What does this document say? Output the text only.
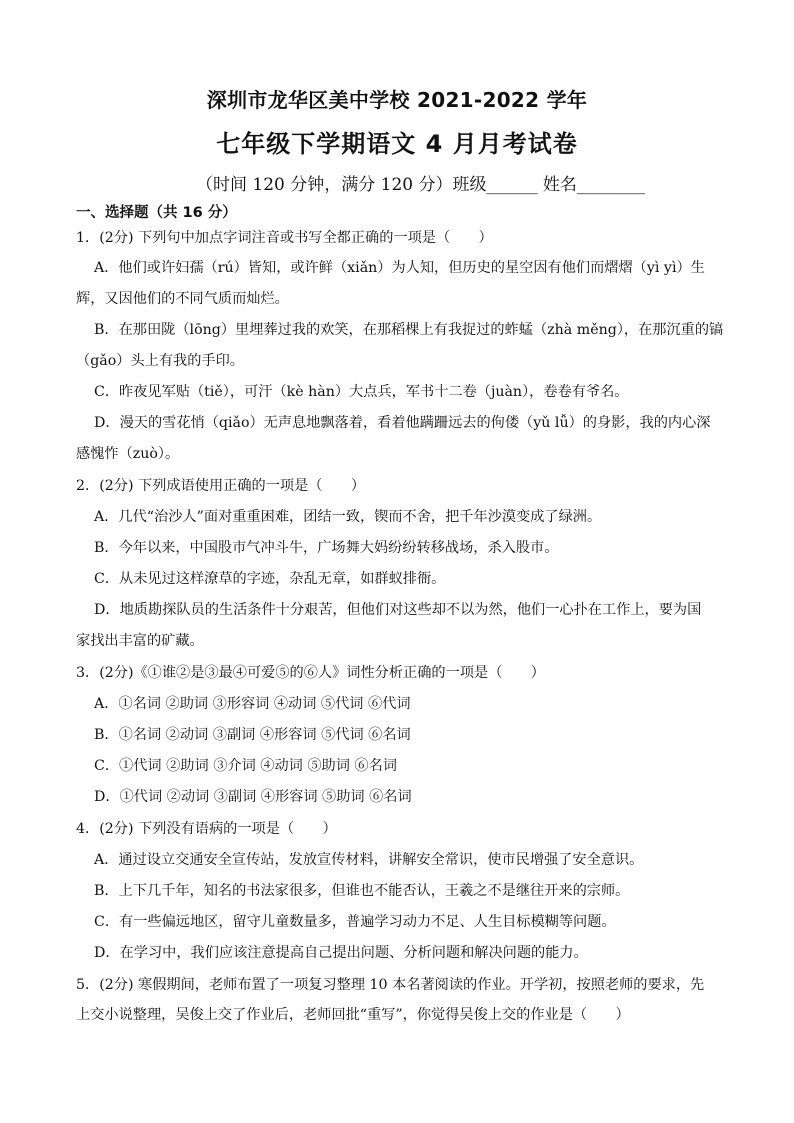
深圳市龙华区美中学校 2021-2022 学年
七年级下学期语文 4 月月考试卷
（时间 120 分钟，满分 120 分）班级______ 姓名________
一、选择题（共 16 分）
1．(2分) 下列句中加点字词注音或书写全都正确的一项是（　　）
A．他们或许妇孺（rú）皆知，或许鲜（xiǎn）为人知，但历史的星空因有他们而熠熠（yì yì）生
辉，又因他们的不同气质而灿烂。
B．在那田陇（lōng）里埋葬过我的欢笑，在那稻棵上有我捉过的蚱蜢（zhà měng），在那沉重的镐
（gǎo）头上有我的手印。
C．昨夜见军贴（tiě），可汗（kè hàn）大点兵，军书十二卷（juàn），卷卷有爷名。
D．漫天的雪花悄（qiǎo）无声息地飘落着，看着他蹒跚远去的佝偻（yǔ lǚ）的身影，我的内心深
感愧怍（zuò）。
2．(2分) 下列成语使用正确的一项是（　　）
A．几代“治沙人”面对重重困难，团结一致，锲而不舍，把千年沙漠变成了绿洲。
B．今年以来，中国股市气冲斗牛，广场舞大妈纷纷转移战场，杀入股市。
C．从未见过这样潦草的字迹，杂乱无章，如群蚁排衙。
D．地质勘探队员的生活条件十分艰苦，但他们对这些却不以为然，他们一心扑在工作上，要为国
家找出丰富的矿藏。
3．(2分)《①谁②是③最④可爱⑤的⑥人》词性分析正确的一项是（　　）
A．①名词 ②助词 ③形容词 ④动词 ⑤代词 ⑥代词
B．①名词 ②动词 ③副词 ④形容词 ⑤代词 ⑥名词
C．①代词 ②助词 ③介词 ④动词 ⑤助词 ⑥名词
D．①代词 ②动词 ③副词 ④形容词 ⑤助词 ⑥名词
4．(2分) 下列没有语病的一项是（　　）
A．通过设立交通安全宣传站，发放宣传材料，讲解安全常识，使市民增强了安全意识。
B．上下几千年，知名的书法家很多，但谁也不能否认，王羲之不是继往开来的宗师。
C．有一些偏远地区，留守儿童数量多，普遍学习动力不足、人生目标模糊等问题。
D．在学习中，我们应该注意提高自己提出问题、分析问题和解决问题的能力。
5．(2分) 寒假期间，老师布置了一项复习整理 10 本名著阅读的作业。开学初，按照老师的要求，先
上交小说整理，吴俊上交了作业后，老师回批“重写”，你觉得吴俊上交的作业是（　　）
